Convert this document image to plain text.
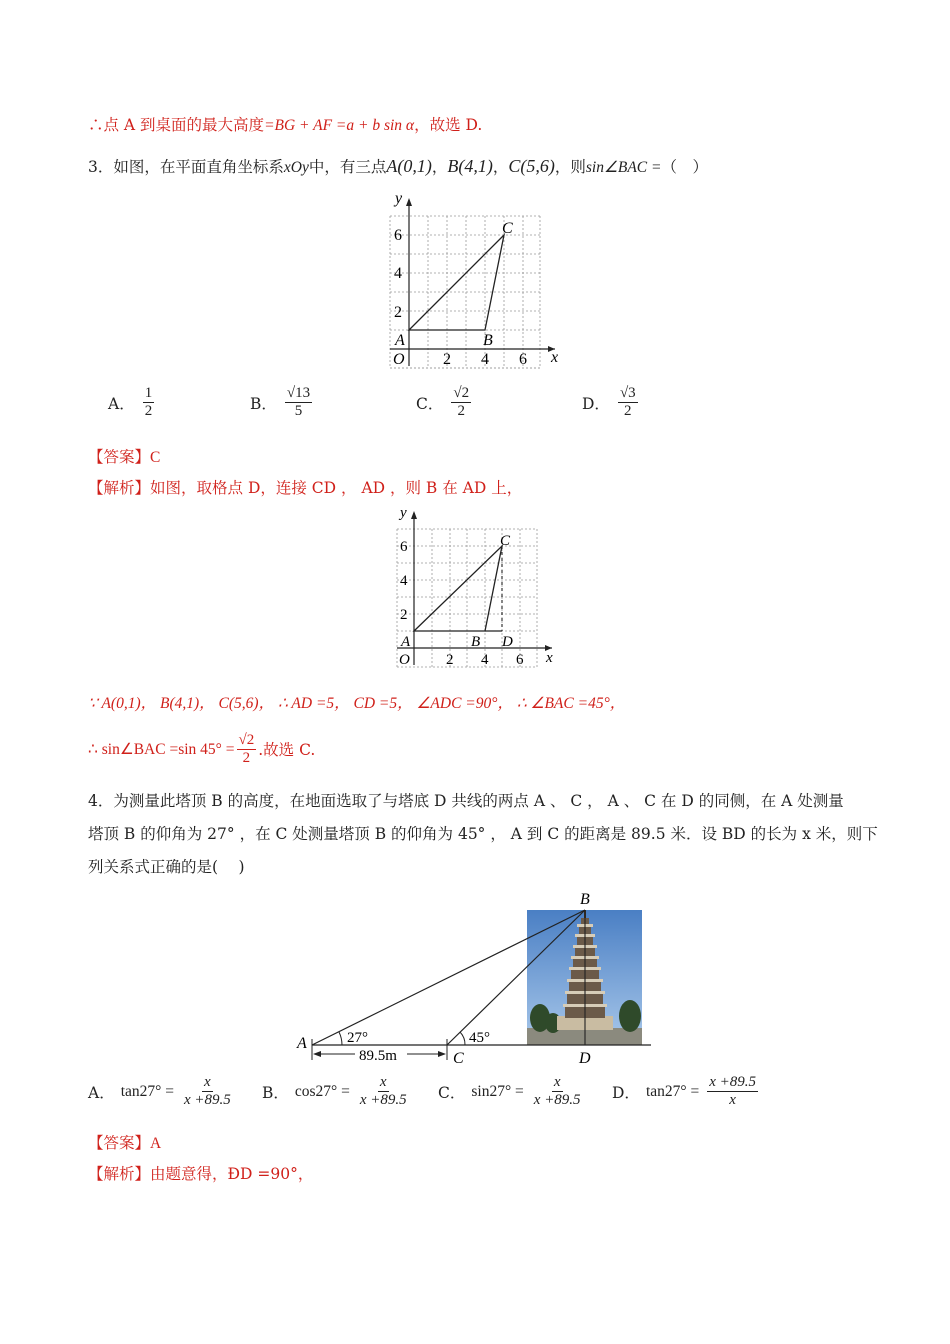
∴点 A 到桌面的最大高度=BG + AF =a + b sin α，故选 D.
3．如图，在平面直角坐标系xOy中，有三点A(0,1)，B(4,1)，C(5,6)，则sin∠BAC =（　）
y
x
O 2 4 6
2
4
6
A	B
C
A． $\frac{1}{2}$	B． $\frac{√13}{5}$	C． $\frac{√2}{2}$	D． $\frac{√3}{2}$
【答案】C
【解析】如图，取格点 D，连接 CD ， AD ，则 B 在 AD 上，
y
x
O 2 4 6
2
4
6
A	B
C
D
∵ A(0,1)， B(4,1)， C(5,6)， ∴ AD =5， CD =5， ∠ADC =90°， ∴ ∠BAC =45°，
∴ sin∠BAC =sin $45^\circ = \frac{√2}{2}$ .故选 C.
4．为测量此塔顶 B 的高度，在地面选取了与塔底 D 共线的两点 A 、 C ， A 、 C 在 D 的同侧，在 A 处测量
塔顶 B 的仰角为 27° ，在 C 处测量塔顶 B 的仰角为 45° ， A 到 C 的距离是 89.5 米．设 BD 的长为 x 米，则下
列关系式正确的是(　 )
B
A
C	D
27°	45°
89.5m
A． $\tan 27^\circ = \frac{x}{x +89.5}$ B． $\cos 27^\circ = \frac{x}{x +89.5}$ C． $\sin 27^\circ = \frac{x}{x +89.5}$ D． $\tan 27^\circ = \frac{x +89.5}{x}$
【答案】A
【解析】由题意得，ÐD =90°，
